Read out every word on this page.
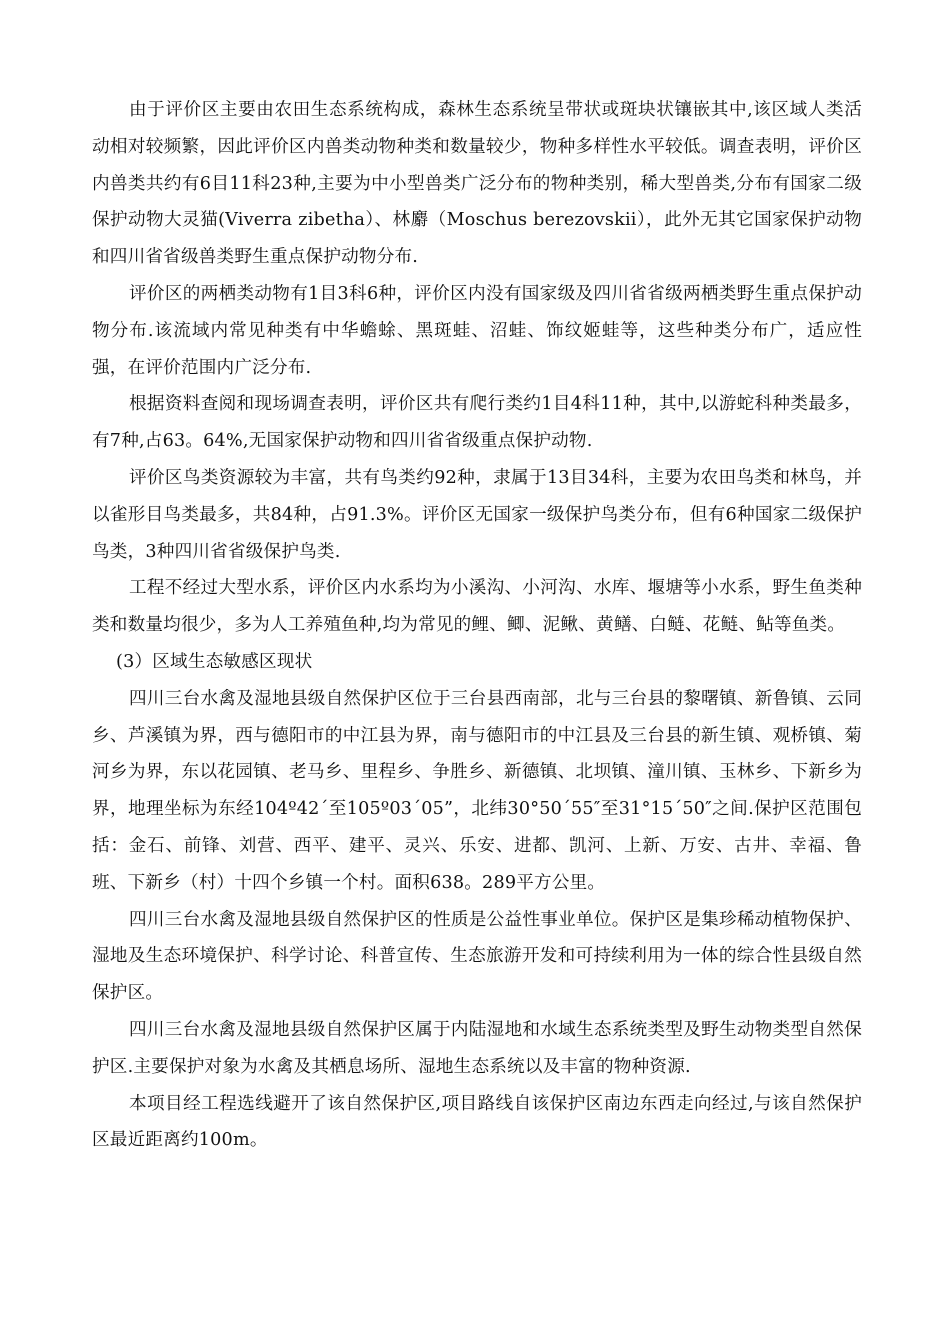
由于评价区主要由农田生态系统构成，森林生态系统呈带状或斑块状镶嵌其中,该区域人类活动相对较频繁，因此评价区内兽类动物种类和数量较少，物种多样性水平较低。调查表明，评价区内兽类共约有6目11科23种,主要为中小型兽类广泛分布的物种类别，稀大型兽类,分布有国家二级保护动物大灵猫(Viverra zibetha）、林麝（Moschus berezovskii），此外无其它国家保护动物和四川省省级兽类野生重点保护动物分布.

评价区的两栖类动物有1目3科6种，评价区内没有国家级及四川省省级两栖类野生重点保护动物分布.该流域内常见种类有中华蟾蜍、黑斑蛙、沼蛙、饰纹姬蛙等，这些种类分布广，适应性强，在评价范围内广泛分布.

根据资料查阅和现场调查表明，评价区共有爬行类约1目4科11种，其中,以游蛇科种类最多，有7种,占63。64%,无国家保护动物和四川省省级重点保护动物.

评价区鸟类资源较为丰富，共有鸟类约92种，隶属于13目34科，主要为农田鸟类和林鸟，并以雀形目鸟类最多，共84种，占91.3%。评价区无国家一级保护鸟类分布，但有6种国家二级保护鸟类，3种四川省省级保护鸟类.

工程不经过大型水系，评价区内水系均为小溪沟、小河沟、水库、堰塘等小水系，野生鱼类种类和数量均很少，多为人工养殖鱼种,均为常见的鲤、鲫、泥鳅、黄鳝、白鲢、花鲢、鲇等鱼类。

(3）区域生态敏感区现状

四川三台水禽及湿地县级自然保护区位于三台县西南部，北与三台县的黎曙镇、新鲁镇、云同乡、芦溪镇为界，西与德阳市的中江县为界，南与德阳市的中江县及三台县的新生镇、观桥镇、菊河乡为界，东以花园镇、老马乡、里程乡、争胜乡、新德镇、北坝镇、潼川镇、玉林乡、下新乡为界，地理坐标为东经104º42´至105º03´05”，北纬30°50´55″至31°15´50″之间.保护区范围包括：金石、前锋、刘营、西平、建平、灵兴、乐安、进都、凯河、上新、万安、古井、幸福、鲁班、下新乡（村）十四个乡镇一个村。面积638。289平方公里。

四川三台水禽及湿地县级自然保护区的性质是公益性事业单位。保护区是集珍稀动植物保护、湿地及生态环境保护、科学讨论、科普宣传、生态旅游开发和可持续利用为一体的综合性县级自然保护区。

四川三台水禽及湿地县级自然保护区属于内陆湿地和水域生态系统类型及野生动物类型自然保护区.主要保护对象为水禽及其栖息场所、湿地生态系统以及丰富的物种资源.

本项目经工程选线避开了该自然保护区,项目路线自该保护区南边东西走向经过,与该自然保护区最近距离约100m。
